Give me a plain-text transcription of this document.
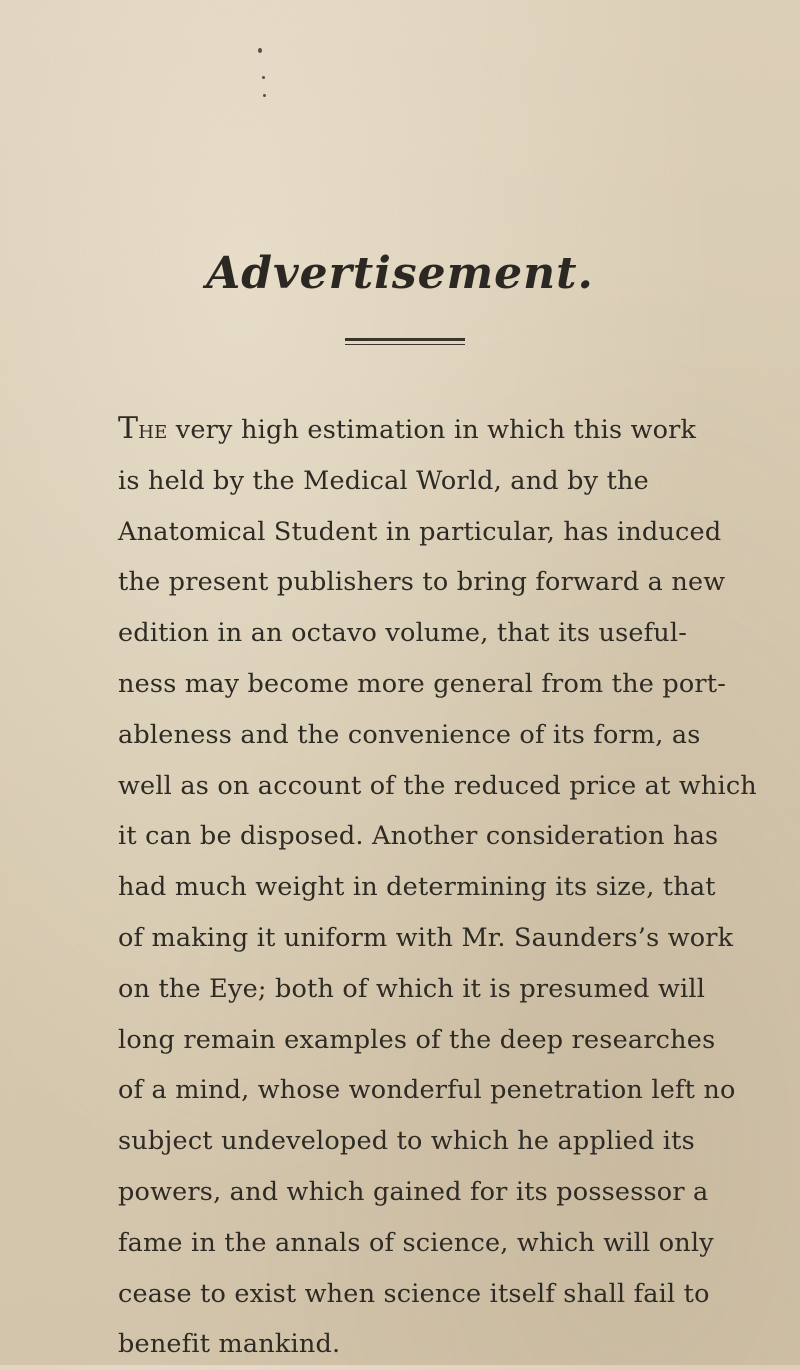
Advertisement.
The very high estimation in which this work
is held by the Medical World, and by the
Anatomical Student in particular, has induced
the present publishers to bring forward a new
edition in an octavo volume, that its useful-
ness may become more general from the port-
ableness and the convenience of its form, as
well as on account of the reduced price at which
it can be disposed. Another consideration has
had much weight in determining its size, that
of making it uniform with Mr. Saunders’s work
on the Eye; both of which it is presumed will
long remain examples of the deep researches
of a mind, whose wonderful penetration left no
subject undeveloped to which he applied its
powers, and which gained for its possessor a
fame in the annals of science, which will only
cease to exist when science itself shall fail to
benefit mankind.
